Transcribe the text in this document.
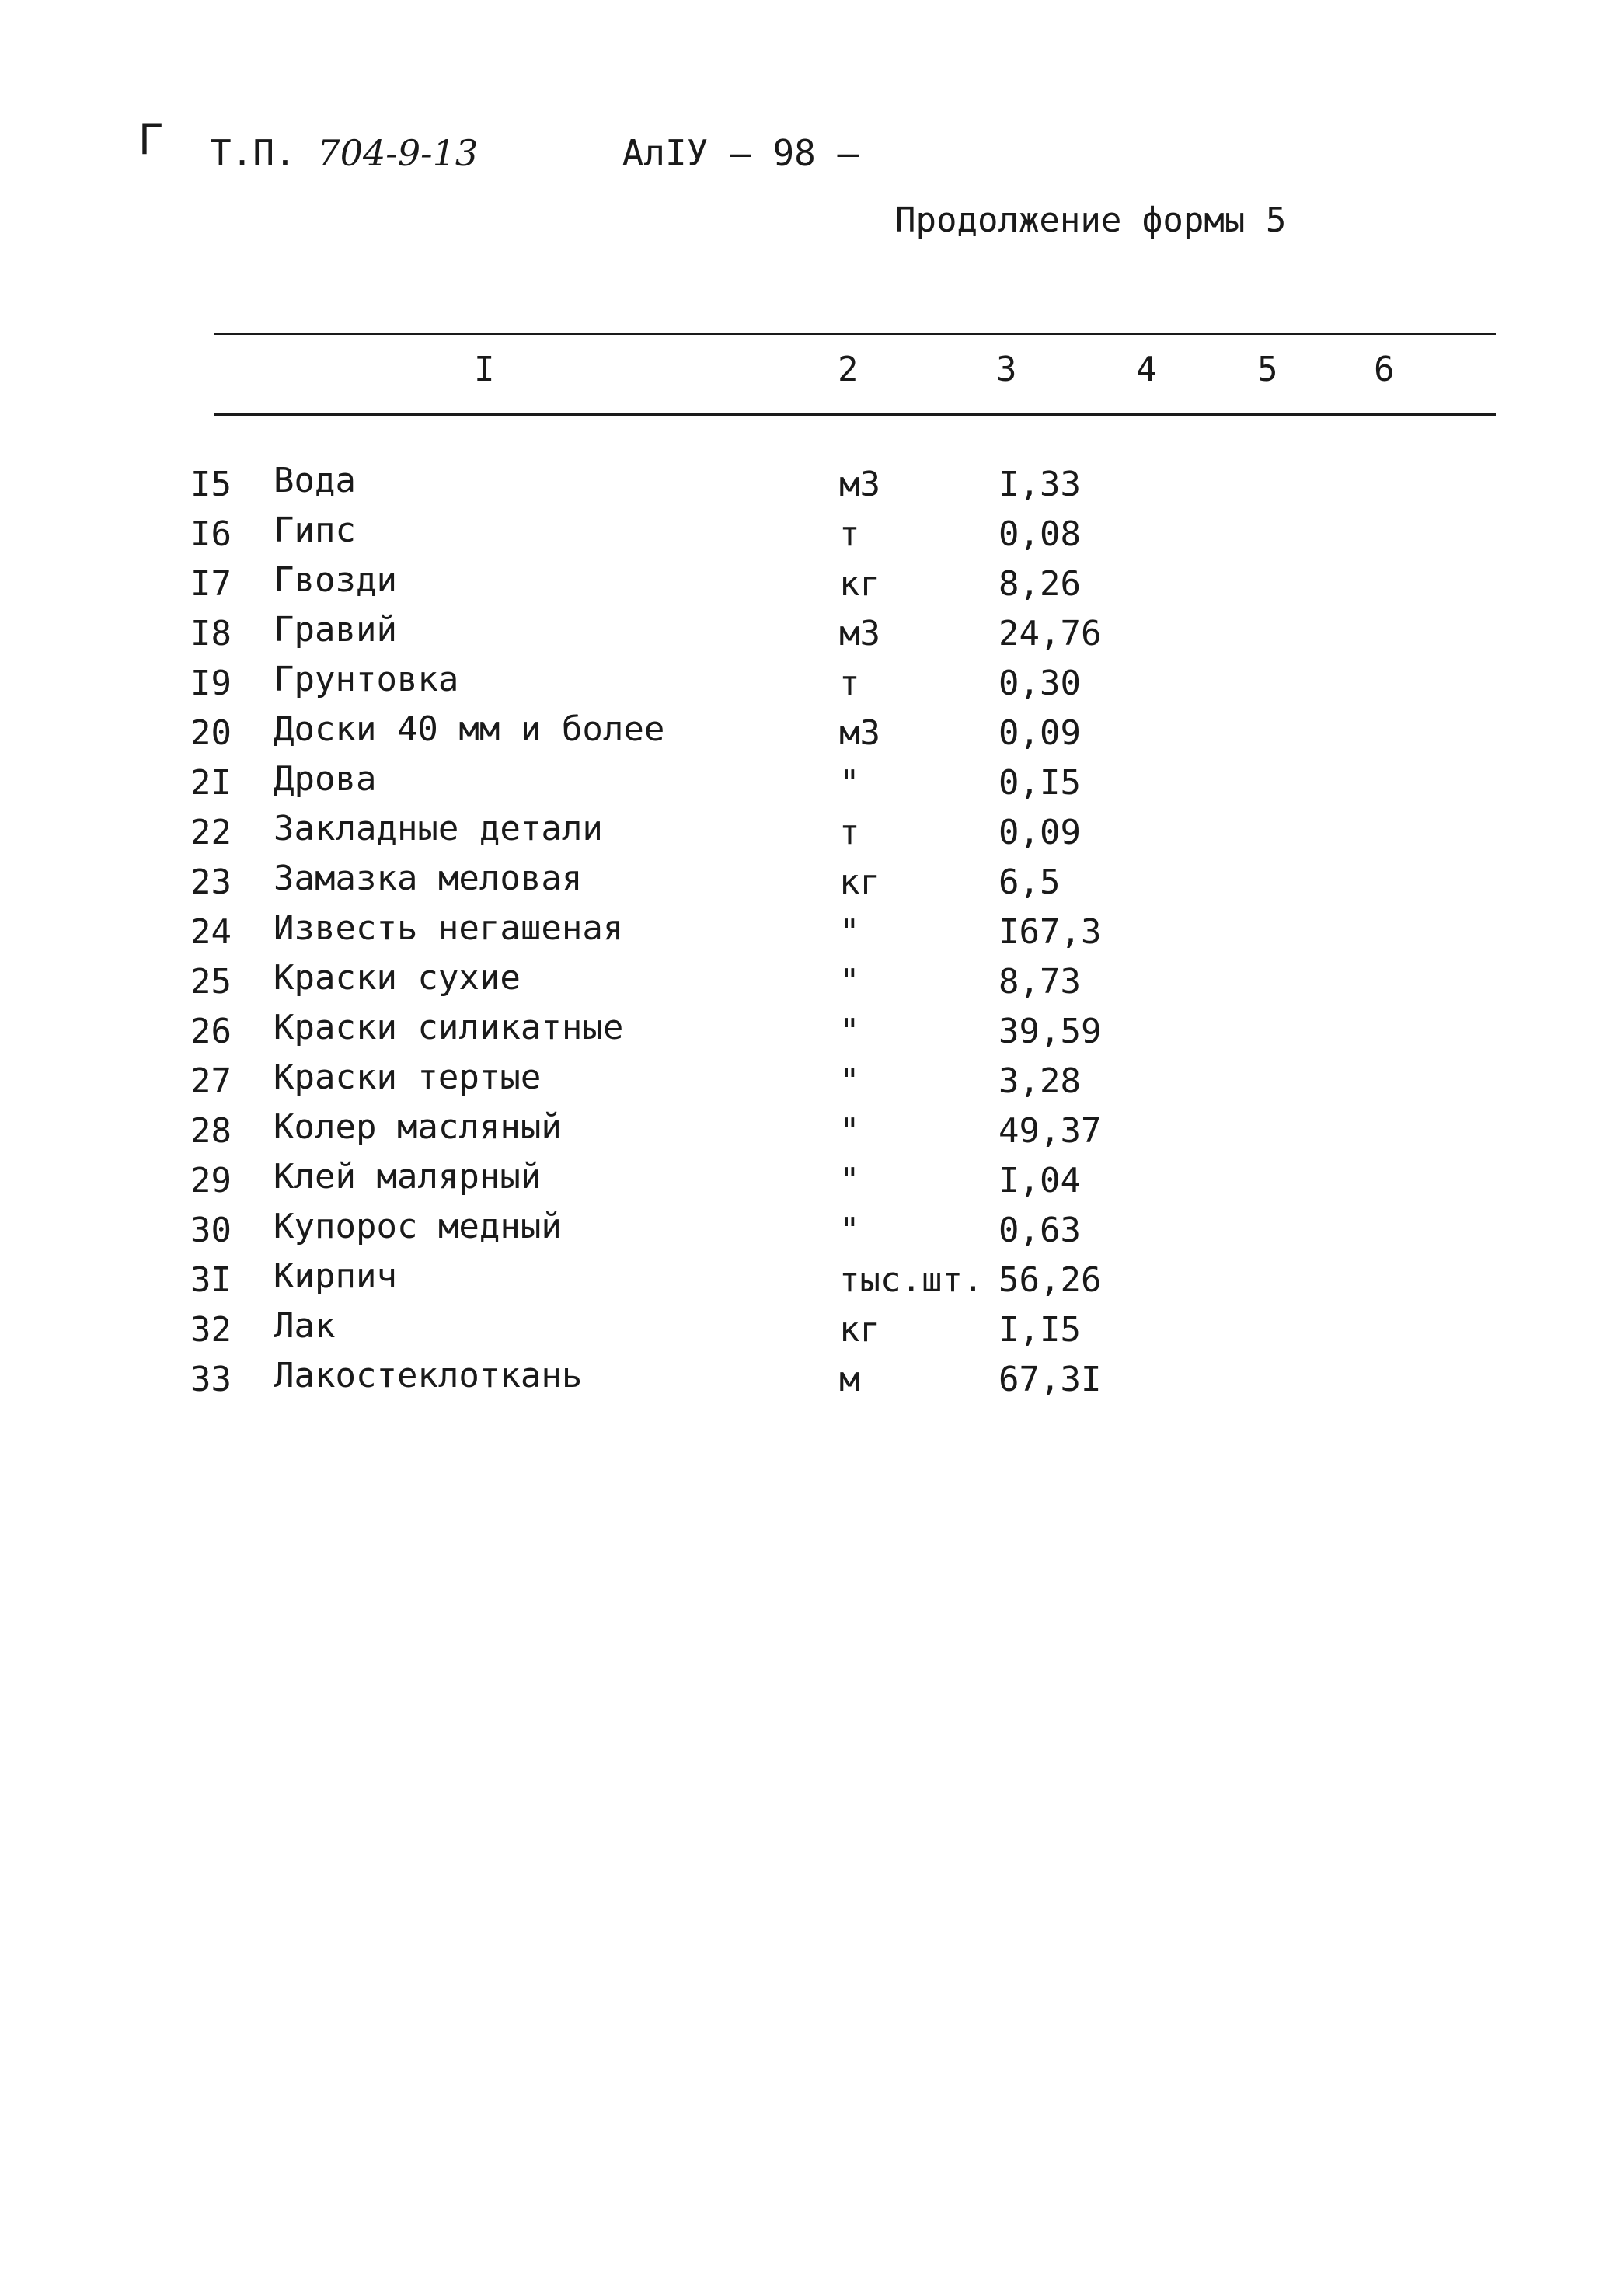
Г Т.П. 704-9-13	АлIУ — 98 —
Продолжение формы 5
I	2	3	4	5	6
I5 Вода	м3	I,33
I6 Гипс	т	0,08
I7 Гвозди	кг	8,26
I8 Гравий	м3	24,76
I9 Грунтовка	т	0,30
20 Доски 40 мм и более	м3	0,09
2I Дрова	"	0,I5
22 Закладные детали	т	0,09
23 Замазка меловая	кг	6,5
24 Известь негашеная	"	I67,3
25 Краски сухие	"	8,73
26 Краски силикатные	"	39,59
27 Краски тертые	"	3,28
28 Колер масляный	"	49,37
29 Клей малярный	"	I,04
30 Купорос медный	"	0,63
3I Кирпич	тыс.шт. 56,26
32 Лак	кг	I,I5
33 Лакостеклоткань	м	67,3I
